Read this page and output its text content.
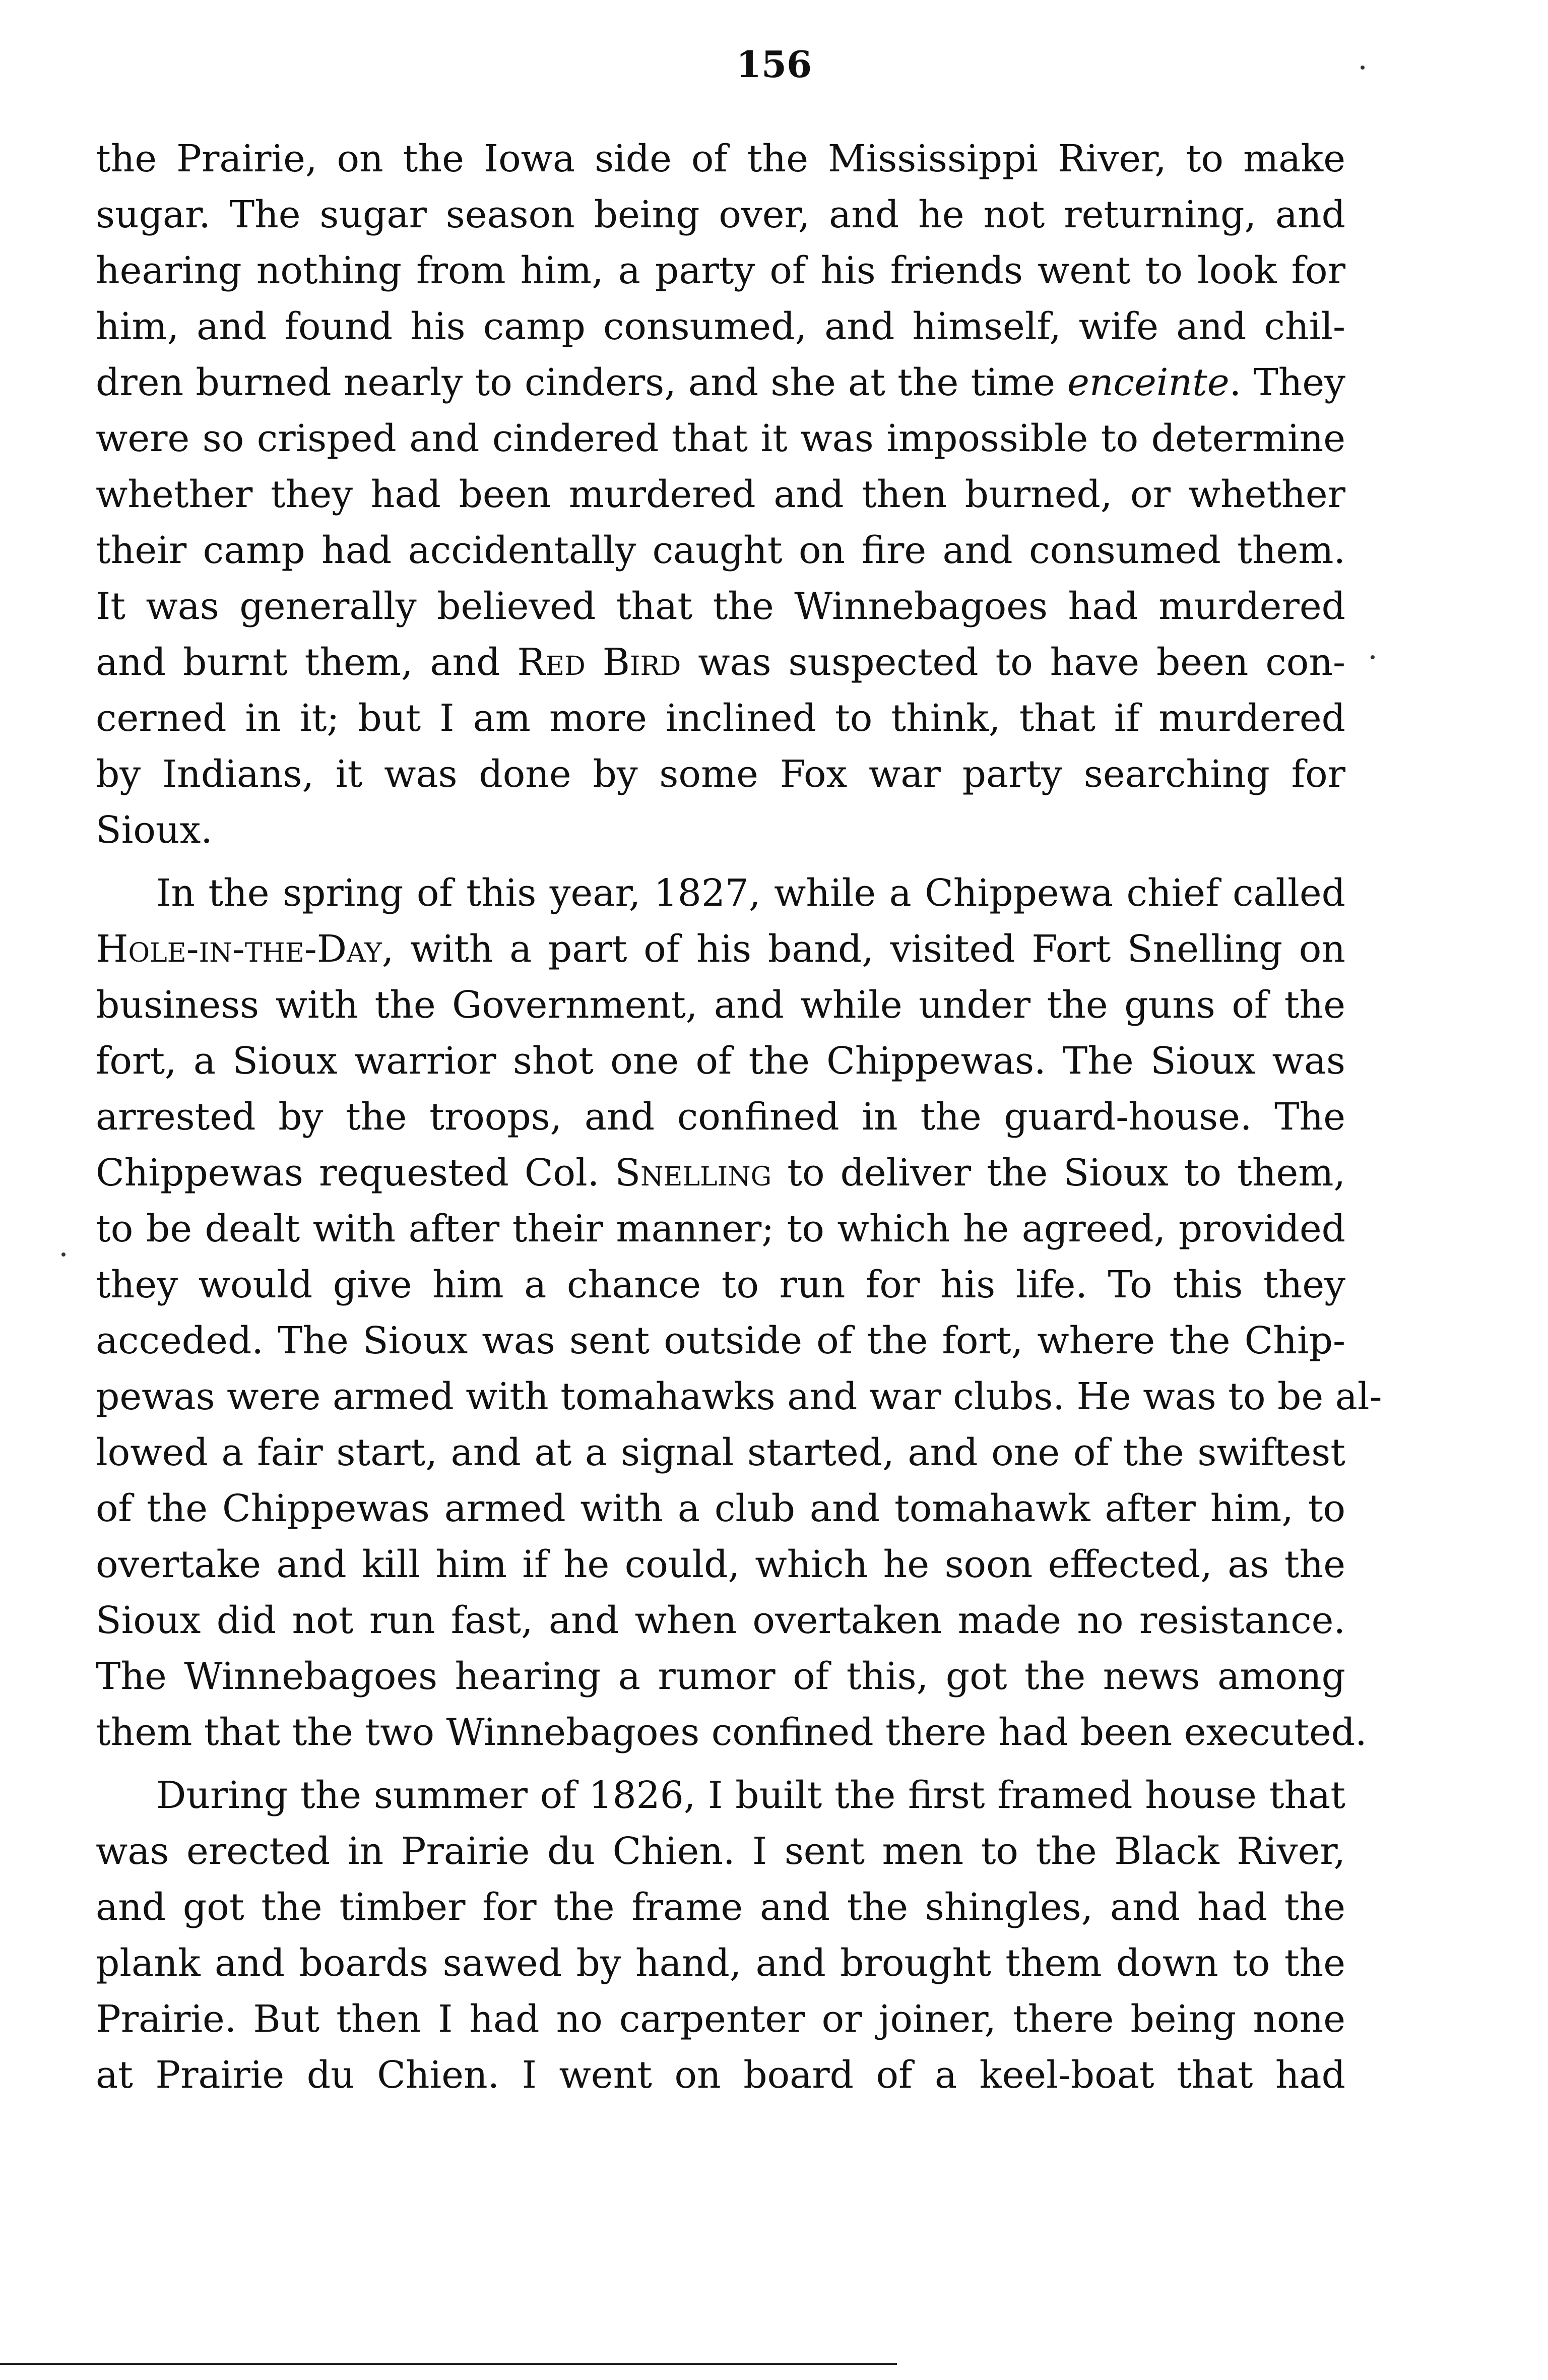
156
the Prairie, on the Iowa side of the Mississippi River, to make
sugar. The sugar season being over, and he not returning, and
hearing nothing from him, a party of his friends went to look for
him, and found his camp consumed, and himself, wife and chil-
dren burned nearly to cinders, and she at the time enceinte. They
were so crisped and cindered that it was impossible to determine
whether they had been murdered and then burned, or whether
their camp had accidentally caught on fire and consumed them.
It was generally believed that the Winnebagoes had murdered
and burnt them, and Red Bird was suspected to have been con-
cerned in it; but I am more inclined to think, that if murdered
by Indians, it was done by some Fox war party searching for
Sioux.
In the spring of this year, 1827, while a Chippewa chief called
Hole-in-the-Day, with a part of his band, visited Fort Snelling on
business with the Government, and while under the guns of the
fort, a Sioux warrior shot one of the Chippewas. The Sioux was
arrested by the troops, and confined in the guard-house. The
Chippewas requested Col. Snelling to deliver the Sioux to them,
to be dealt with after their manner; to which he agreed, provided
they would give him a chance to run for his life. To this they
acceded. The Sioux was sent outside of the fort, where the Chip-
pewas were armed with tomahawks and war clubs. He was to be al-
lowed a fair start, and at a signal started, and one of the swiftest
of the Chippewas armed with a club and tomahawk after him, to
overtake and kill him if he could, which he soon effected, as the
Sioux did not run fast, and when overtaken made no resistance.
The Winnebagoes hearing a rumor of this, got the news among
them that the two Winnebagoes confined there had been executed.
During the summer of 1826, I built the first framed house that
was erected in Prairie du Chien. I sent men to the Black River,
and got the timber for the frame and the shingles, and had the
plank and boards sawed by hand, and brought them down to the
Prairie. But then I had no carpenter or joiner, there being none
at Prairie du Chien. I went on board of a keel-boat that had
